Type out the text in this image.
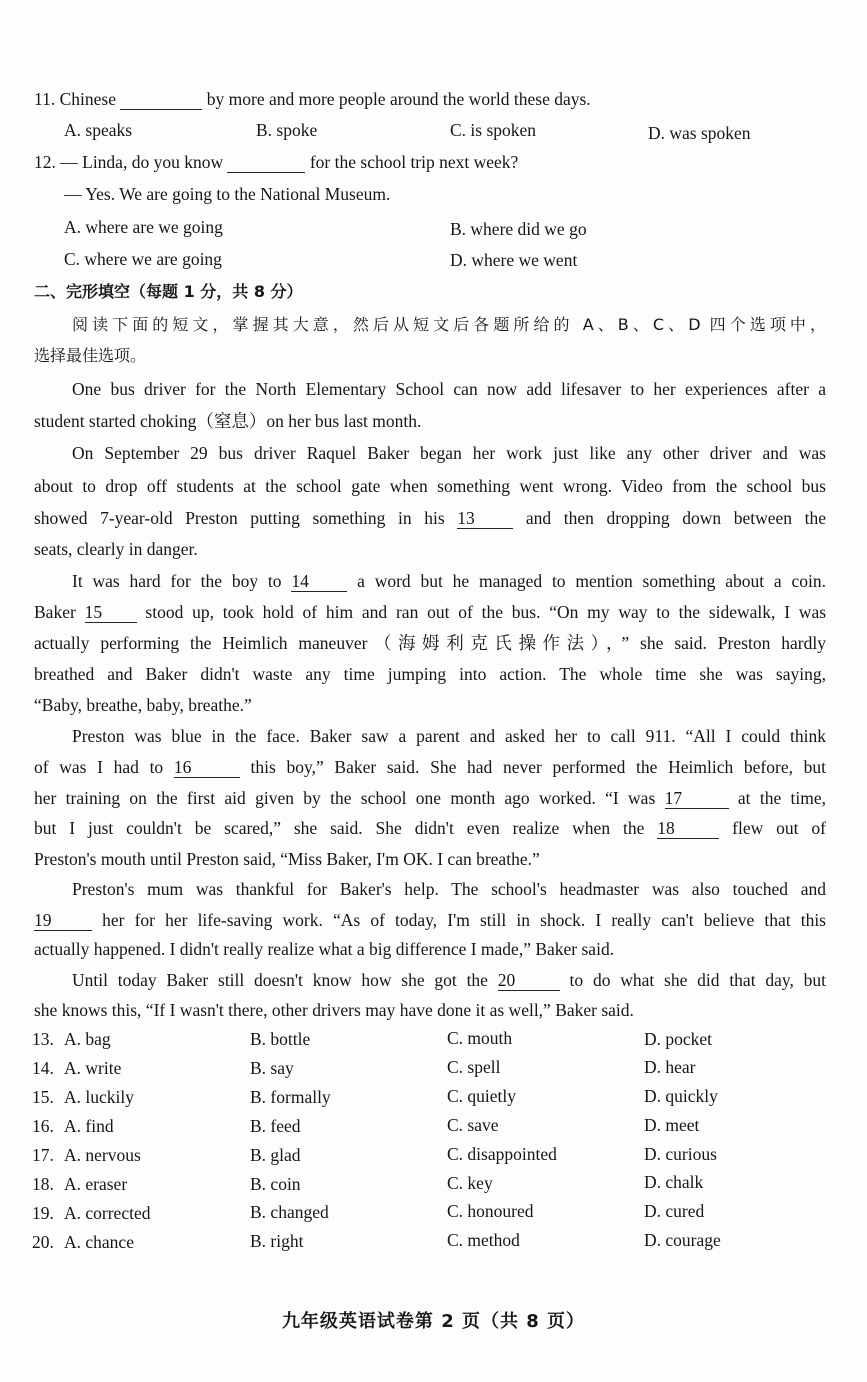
11. Chinese	by more and more people around the world these days.
A. speaks	B. spoke	C. is spoken	D. was spoken
12. — Linda, do you know	for the school trip next week?
— Yes. We are going to the National Museum.
A. where are we going	B. where did we go
C. where we are going	D. where we went
二、完形填空（每题 1 分，共 8 分）
阅读下面的短文，掌握其大意，然后从短文后各题所给的 A、B、C、D 四个选项中，
选择最佳选项。
One bus driver for the North Elementary School can now add lifesaver to her experiences after a
student started choking（窒息）on her bus last month.
On September 29 bus driver Raquel Baker began her work just like any other driver and was
about to drop off students at the school gate when something went wrong. Video from the school bus
showed 7-year-old Preston putting something in his 13	and then dropping down between the
seats, clearly in danger.
It was hard for the boy to 14	a word but he managed to mention something about a coin.
Baker 15 stood up, took hold of him and ran out of the bus. “On my way to the sidewalk, I was
actually performing the Heimlich maneuver（海姆利克氏操作法），” she said. Preston hardly
breathed and Baker didn't waste any time jumping into action. The whole time she was saying,
“Baby, breathe, baby, breathe.”
Preston was blue in the face. Baker saw a parent and asked her to call 911. “All I could think
of was I had to 16	this boy,” Baker said. She had never performed the Heimlich before, but
her training on the first aid given by the school one month ago worked. “I was 17	at the time,
but I just couldn't be scared,” she said. She didn't even realize when the 18	flew out of
Preston's mouth until Preston said, “Miss Baker, I'm OK. I can breathe.”
Preston's mum was thankful for Baker's help. The school's headmaster was also touched and
19	her for her life-saving work. “As of today, I'm still in shock. I really can't believe that this
actually happened. I didn't really realize what a big difference I made,” Baker said.
Until today Baker still doesn't know how she got the 20	to do what she did that day, but
she knows this, “If I wasn't there, other drivers may have done it as well,” Baker said.
13. A. bag	B. bottle	C. mouth	D. pocket
14. A. write	B. say	C. spell	D. hear
15. A. luckily	B. formally	C. quietly	D. quickly
16. A. find	B. feed	C. save	D. meet
17. A. nervous	B. glad	C. disappointed	D. curious
18. A. eraser	B. coin	C. key	D. chalk
19. A. corrected	B. changed	C. honoured	D. cured
20. A. chance	B. right	C. method	D. courage
九年级英语试卷第 2 页（共 8 页）
